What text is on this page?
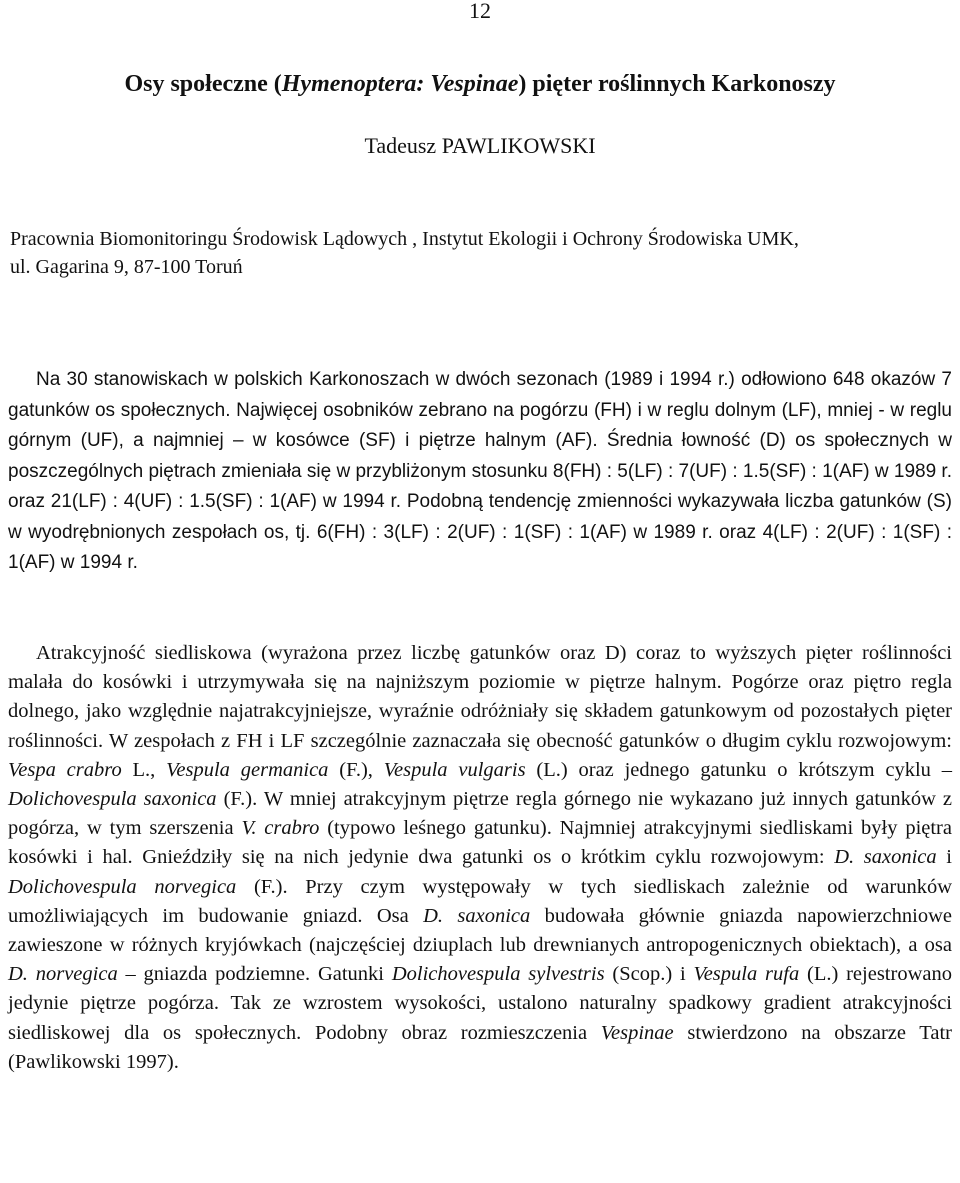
12
Osy społeczne (Hymenoptera: Vespinae) pięter roślinnych Karkonoszy
Tadeusz PAWLIKOWSKI
Pracownia Biomonitoringu Środowisk Lądowych , Instytut Ekologii i Ochrony Środowiska UMK,
ul. Gagarina 9, 87-100 Toruń

Na 30 stanowiskach w polskich Karkonoszach w dwóch sezonach (1989 i 1994 r.) odłowiono 648 okazów 7 gatunków os społecznych. Najwięcej osobników zebrano na pogórzu (FH) i w reglu dolnym (LF), mniej - w reglu górnym (UF), a najmniej – w kosówce (SF) i piętrze halnym (AF). Średnia łowność (D) os społecznych w poszczególnych piętrach zmieniała się w przybliżonym stosunku 8(FH) : 5(LF) : 7(UF) : 1.5(SF) : 1(AF) w 1989 r. oraz 21(LF) : 4(UF) : 1.5(SF) : 1(AF) w 1994 r. Podobną tendencję zmienności wykazywała liczba gatunków (S) w wyodrębnionych zespołach os, tj. 6(FH) : 3(LF) : 2(UF) : 1(SF) : 1(AF) w 1989 r. oraz 4(LF) : 2(UF) : 1(SF) : 1(AF) w 1994 r.

Atrakcyjność siedliskowa (wyrażona przez liczbę gatunków oraz D) coraz to wyższych pięter roślinności malała do kosówki i utrzymywała się na najniższym poziomie w piętrze halnym. Pogórze oraz piętro regla dolnego, jako względnie najatrakcyjniejsze, wyraźnie odróżniały się składem gatunkowym od pozostałych pięter roślinności. W zespołach z FH i LF szczególnie zaznaczała się obecność gatunków o długim cyklu rozwojowym: Vespa crabro L., Vespula germanica (F.), Vespula vulgaris (L.) oraz jednego gatunku o krótszym cyklu – Dolichovespula saxonica (F.). W mniej atrakcyjnym piętrze regla górnego nie wykazano już innych gatunków z pogórza, w tym szerszenia V. crabro (typowo leśnego gatunku). Najmniej atrakcyjnymi siedliskami były piętra kosówki i hal. Gnieździły się na nich jedynie dwa gatunki os o krótkim cyklu rozwojowym: D. saxonica i Dolichovespula norvegica (F.). Przy czym występowały w tych siedliskach zależnie od warunków umożliwiających im budowanie gniazd. Osa D. saxonica budowała głównie gniazda napowierzchniowe zawieszone w różnych kryjówkach (najczęściej dziuplach lub drewnianych antropogenicznych obiektach), a osa D. norvegica – gniazda podziemne. Gatunki Dolichovespula sylvestris (Scop.) i Vespula rufa (L.) rejestrowano jedynie piętrze pogórza. Tak ze wzrostem wysokości, ustalono naturalny spadkowy gradient atrakcyjności siedliskowej dla os społecznych. Podobny obraz rozmieszczenia Vespinae stwierdzono na obszarze Tatr (Pawlikowski 1997).
